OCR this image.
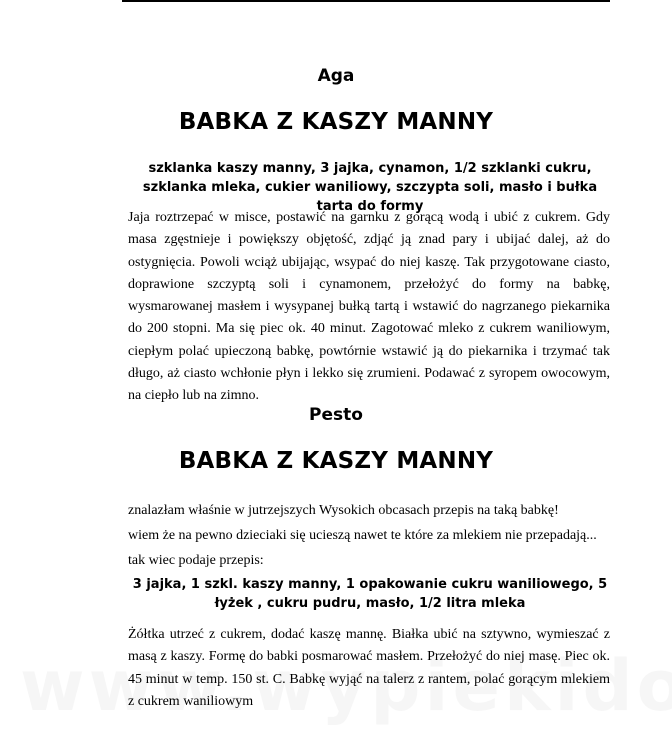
Aga
BABKA Z KASZY MANNY
szklanka kaszy manny, 3 jajka, cynamon, 1/2 szklanki cukru, szklanka mleka, cukier waniliowy, szczypta soli, masło i bułka tarta do formy
Jaja roztrzepać w misce, postawić na garnku z gorącą wodą i ubić z cukrem. Gdy masa zgęstnieje i powiększy objętość, zdjąć ją znad pary i ubijać dalej, aż do ostygnięcia. Powoli wciąż ubijając, wsypać do niej kaszę. Tak przygotowane ciasto, doprawione szczyptą soli i cynamonem, przełożyć do formy na babkę, wysmarowanej masłem i wysypanej bułką tartą i wstawić do nagrzanego piekarnika do 200 stopni. Ma się piec ok. 40 minut. Zagotować mleko z cukrem waniliowym, ciepłym polać upieczoną babkę, powtórnie wstawić ją do piekarnika i trzymać tak długo, aż ciasto wchłonie płyn i lekko się zrumieni. Podawać z syropem owocowym, na ciepło lub na zimno.
Pesto
BABKA Z KASZY MANNY
znalazłam właśnie w jutrzejszych Wysokich obcasach przepis na taką babkę!
wiem że na pewno dzieciaki się ucieszą nawet te które za mlekiem nie przepadają...
tak wiec podaje przepis:
3 jajka, 1 szkl. kaszy manny, 1 opakowanie cukru waniliowego, 5 łyżek , cukru pudru, masło, 1/2 litra mleka
Żółtka utrzeć z cukrem, dodać kaszę mannę. Białka ubić na sztywno, wymieszać z masą z kaszy. Formę do babki posmarować masłem. Przełożyć do niej masę. Piec ok. 45 minut w temp. 150 st. C. Babkę wyjąć na talerz z rantem, polać gorącym mlekiem z cukrem waniliowym
